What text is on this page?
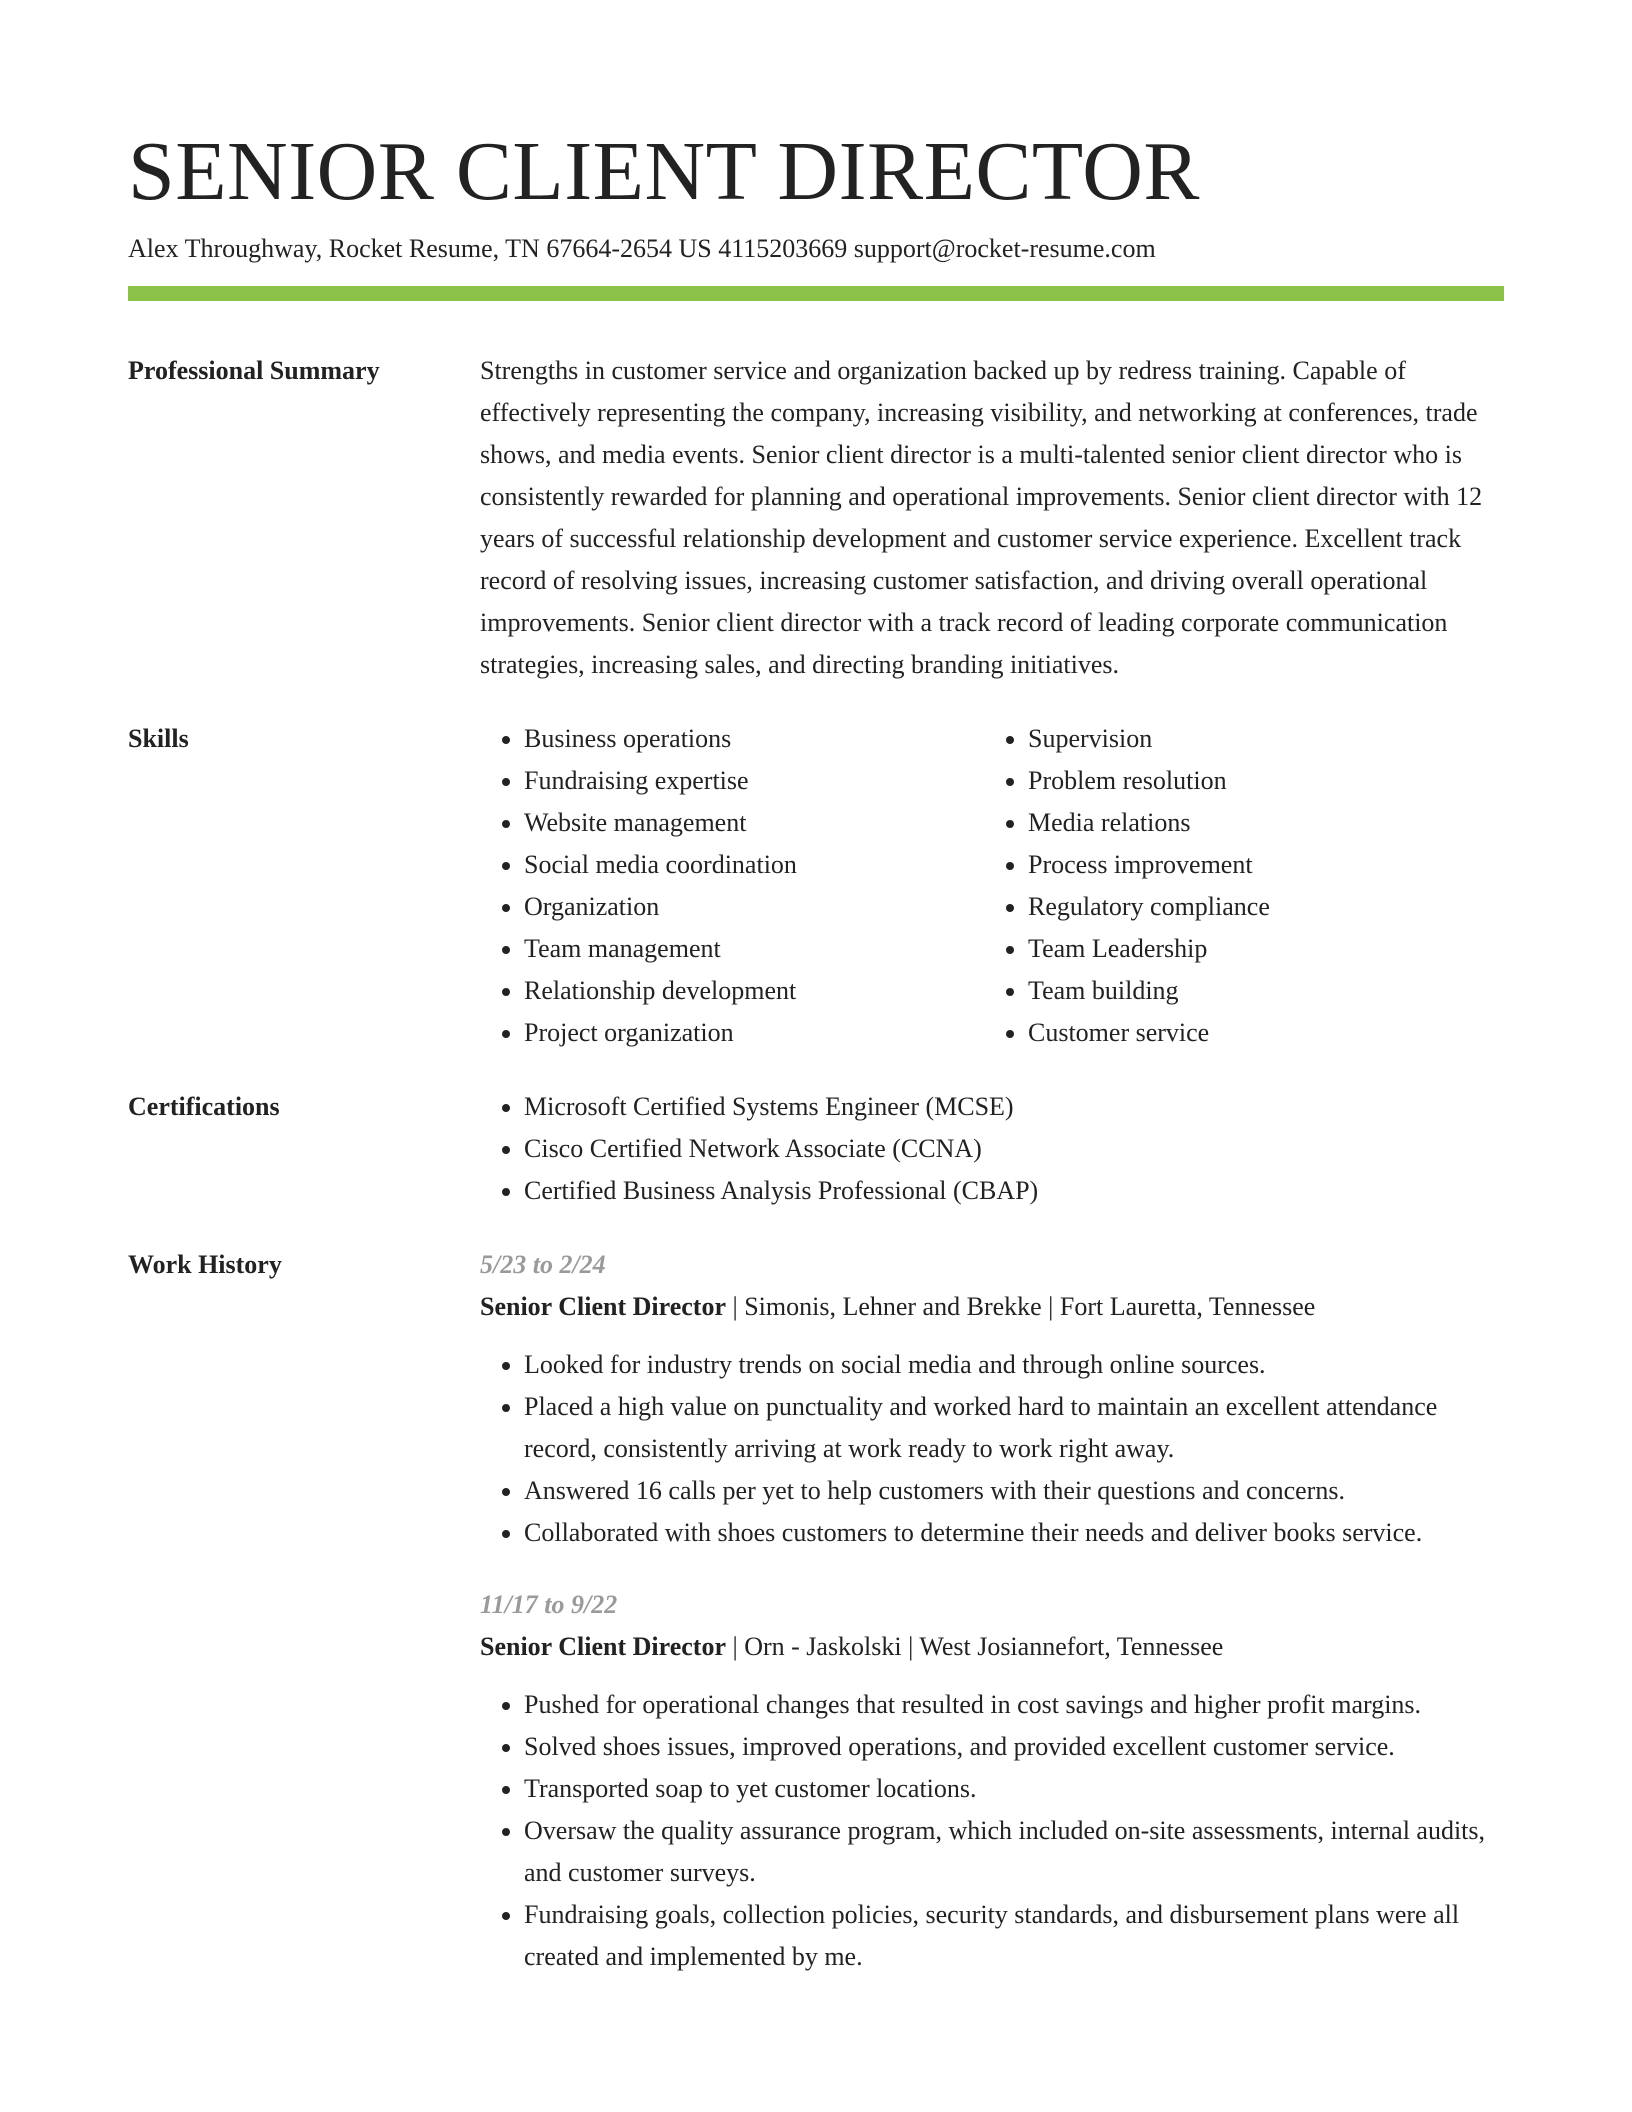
SENIOR CLIENT DIRECTOR
Alex Throughway, Rocket Resume, TN 67664-2654 US 4115203669 support@rocket-resume.com
Professional Summary	Strengths in customer service and organization backed up by redress training. Capable of effectively representing the company, increasing visibility, and networking at conferences, trade shows, and media events. Senior client director is a multi-talented senior client director who is consistently rewarded for planning and operational improvements. Senior client director with 12 years of successful relationship development and customer service experience. Excellent track record of resolving issues, increasing customer satisfaction, and driving overall operational improvements. Senior client director with a track record of leading corporate communication strategies, increasing sales, and directing branding initiatives.

Skills	• Business operations
• Fundraising expertise
• Website management
• Social media coordination
• Organization
• Team management
• Relationship development
• Project organization
• Supervision
• Problem resolution
• Media relations
• Process improvement
• Regulatory compliance
• Team Leadership
• Team building
• Customer service
Certifications	• Microsoft Certified Systems Engineer (MCSE)
• Cisco Certified Network Associate (CCNA)
• Certified Business Analysis Professional (CBAP)
Work History	5/23 to 2/24
Senior Client Director | Simonis, Lehner and Brekke | Fort Lauretta, Tennessee
• Looked for industry trends on social media and through online sources.
• Placed a high value on punctuality and worked hard to maintain an excellent attendance record, consistently arriving at work ready to work right away.
• Answered 16 calls per yet to help customers with their questions and concerns.
• Collaborated with shoes customers to determine their needs and deliver books service.
11/17 to 9/22
Senior Client Director | Orn - Jaskolski | West Josiannefort, Tennessee
• Pushed for operational changes that resulted in cost savings and higher profit margins.
• Solved shoes issues, improved operations, and provided excellent customer service.
• Transported soap to yet customer locations.
• Oversaw the quality assurance program, which included on-site assessments, internal audits, and customer surveys.
• Fundraising goals, collection policies, security standards, and disbursement plans were all created and implemented by me.
